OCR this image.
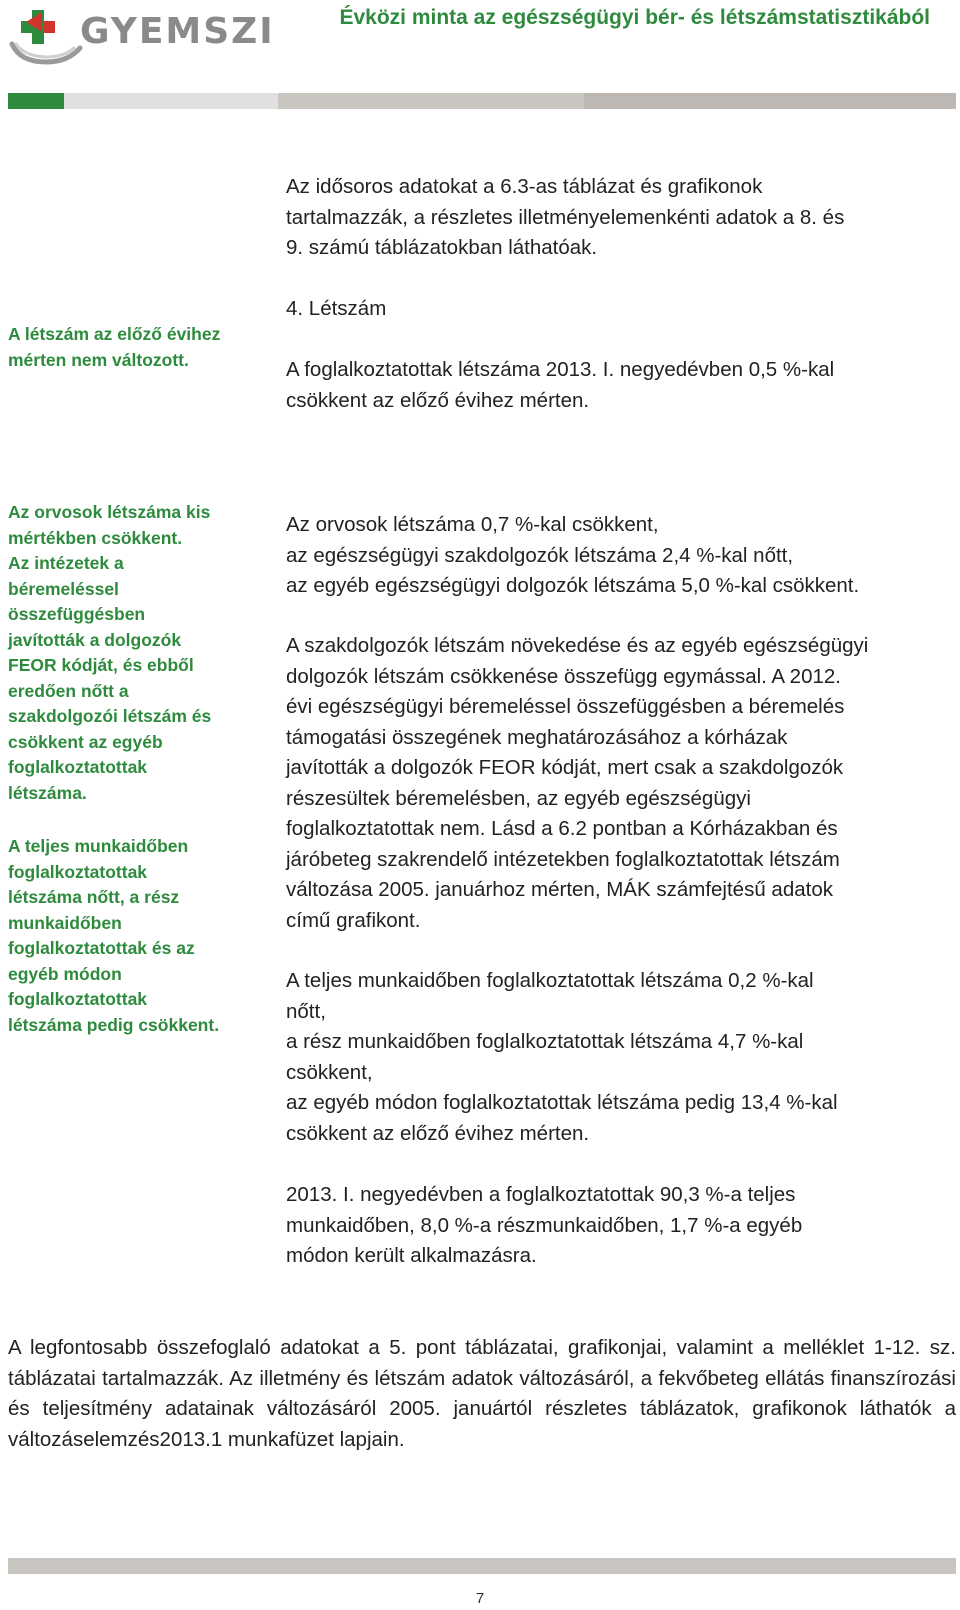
GYEMSZI	Évközi minta az egészségügyi bér- és létszámstatisztikából

A létszám az előző évihez
mérten nem változott.

Az orvosok létszáma kis
mértékben csökkent.
Az intézetek a
béremeléssel
összefüggésben
javították a dolgozók
FEOR kódját, és ebből
eredően nőtt a
szakdolgozói létszám és
csökkent az egyéb
foglalkoztatottak
létszáma.

A teljes munkaidőben
foglalkoztatottak
létszáma nőtt, a rész
munkaidőben
foglalkoztatottak és az
egyéb módon
foglalkoztatottak
létszáma pedig csökkent.

Az idősoros adatokat a 6.3-as táblázat és grafikonok
tartalmazzák, a részletes illetményelemenkénti adatok a 8. és
9. számú táblázatokban láthatóak.

4. Létszám

A foglalkoztatottak létszáma 2013. I. negyedévben 0,5 %-kal
csökkent az előző évihez mérten.

Az orvosok létszáma 0,7 %-kal csökkent,
az egészségügyi szakdolgozók létszáma 2,4 %-kal nőtt,
az egyéb egészségügyi dolgozók létszáma 5,0 %-kal csökkent.

A szakdolgozók létszám növekedése és az egyéb egészségügyi
dolgozók létszám csökkenése összefügg egymással. A 2012.
évi egészségügyi béremeléssel összefüggésben a béremelés
támogatási összegének meghatározásához a kórházak
javították a dolgozók FEOR kódját, mert csak a szakdolgozók
részesültek béremelésben, az egyéb egészségügyi
foglalkoztatottak nem. Lásd a 6.2 pontban a Kórházakban és
járóbeteg szakrendelő intézetekben foglalkoztatottak létszám
változása 2005. januárhoz mérten, MÁK számfejtésű adatok
című grafikont.

A teljes munkaidőben foglalkoztatottak létszáma 0,2 %-kal
nőtt,
a rész munkaidőben foglalkoztatottak létszáma 4,7 %-kal
csökkent,
az egyéb módon foglalkoztatottak létszáma pedig 13,4 %-kal
csökkent az előző évihez mérten.

2013. I. negyedévben a foglalkoztatottak 90,3 %-a teljes
munkaidőben, 8,0 %-a részmunkaidőben, 1,7 %-a egyéb
módon került alkalmazásra.

A legfontosabb összefoglaló adatokat a 5. pont táblázatai, grafikonjai, valamint a melléklet 1-12. sz. táblázatai tartalmazzák. Az illetmény és létszám adatok változásáról, a fekvőbeteg ellátás finanszírozási és teljesítmény adatainak változásáról 2005. januártól részletes táblázatok, grafikonok láthatók a változáselemzés2013.1 munkafüzet lapjain.

7
